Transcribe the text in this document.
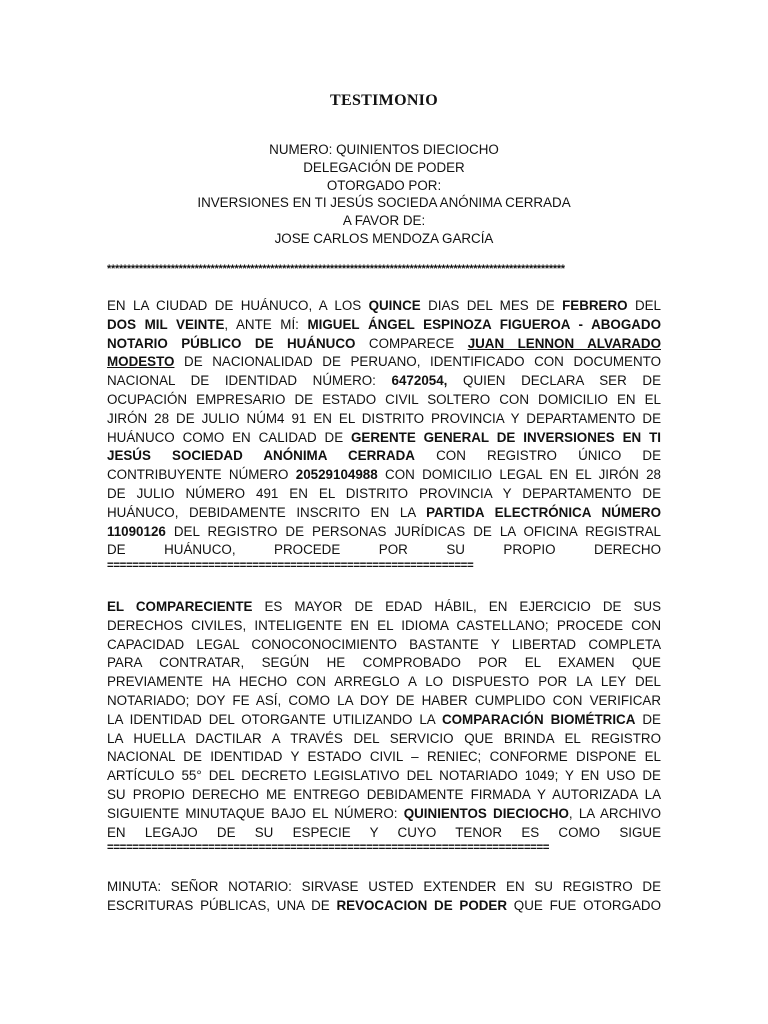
TESTIMONIO
NUMERO: QUINIENTOS DIECIOCHO
DELEGACIÓN DE PODER
OTORGADO POR:
INVERSIONES EN TI JESÚS SOCIEDA ANÓNIMA CERRADA
A FAVOR DE:
JOSE CARLOS MENDOZA GARCÍA
*******************************************************************************************************************
EN LA CIUDAD DE HUÁNUCO, A LOS QUINCE DIAS DEL MES DE FEBRERO DEL
DOS MIL VEINTE, ANTE MÍ: MIGUEL ÁNGEL ESPINOZA FIGUEROA - ABOGADO
NOTARIO PÚBLICO DE HUÁNUCO COMPARECE JUAN LENNON ALVARADO
MODESTO DE NACIONALIDAD DE PERUANO, IDENTIFICADO CON DOCUMENTO
NACIONAL DE IDENTIDAD NÚMERO: 6472054, QUIEN DECLARA SER DE
OCUPACIÓN EMPRESARIO DE ESTADO CIVIL SOLTERO CON DOMICILIO EN EL
JIRÓN 28 DE JULIO NÚM4 91 EN EL DISTRITO PROVINCIA Y DEPARTAMENTO DE
HUÁNUCO COMO EN CALIDAD DE GERENTE GENERAL DE INVERSIONES EN TI
JESÚS SOCIEDAD ANÓNIMA CERRADA CON REGISTRO ÚNICO DE
CONTRIBUYENTE NÚMERO 20529104988 CON DOMICILIO LEGAL EN EL JIRÓN 28
DE JULIO NÚMERO 491 EN EL DISTRITO PROVINCIA Y DEPARTAMENTO DE
HUÁNUCO, DEBIDAMENTE INSCRITO EN LA PARTIDA ELECTRÓNICA NÚMERO
11090126 DEL REGISTRO DE PERSONAS JURÍDICAS DE LA OFICINA REGISTRAL
DE HUÁNUCO, PROCEDE POR SU PROPIO DERECHO
==========================================================
EL COMPARECIENTE ES MAYOR DE EDAD HÁBIL, EN EJERCICIO DE SUS
DERECHOS CIVILES, INTELIGENTE EN EL IDIOMA CASTELLANO; PROCEDE CON
CAPACIDAD LEGAL CONOCONOCIMIENTO BASTANTE Y LIBERTAD COMPLETA
PARA CONTRATAR, SEGÚN HE COMPROBADO POR EL EXAMEN QUE
PREVIAMENTE HA HECHO CON ARREGLO A LO DISPUESTO POR LA LEY DEL
NOTARIADO; DOY FE ASÍ, COMO LA DOY DE HABER CUMPLIDO CON VERIFICAR
LA IDENTIDAD DEL OTORGANTE UTILIZANDO LA COMPARACIÓN BIOMÉTRICA DE
LA HUELLA DACTILAR A TRAVÉS DEL SERVICIO QUE BRINDA EL REGISTRO
NACIONAL DE IDENTIDAD Y ESTADO CIVIL – RENIEC; CONFORME DISPONE EL
ARTÍCULO 55° DEL DECRETO LEGISLATIVO DEL NOTARIADO 1049; Y EN USO DE
SU PROPIO DERECHO ME ENTREGO DEBIDAMENTE FIRMADA Y AUTORIZADA LA
SIGUIENTE MINUTAQUE BAJO EL NÚMERO: QUINIENTOS DIECIOCHO, LA ARCHIVO
EN LEGAJO DE SU ESPECIE Y CUYO TENOR ES COMO SIGUE
======================================================================
MINUTA: SEÑOR NOTARIO: SIRVASE USTED EXTENDER EN SU REGISTRO DE
ESCRITURAS PÚBLICAS, UNA DE REVOCACION DE PODER QUE FUE OTORGADO
